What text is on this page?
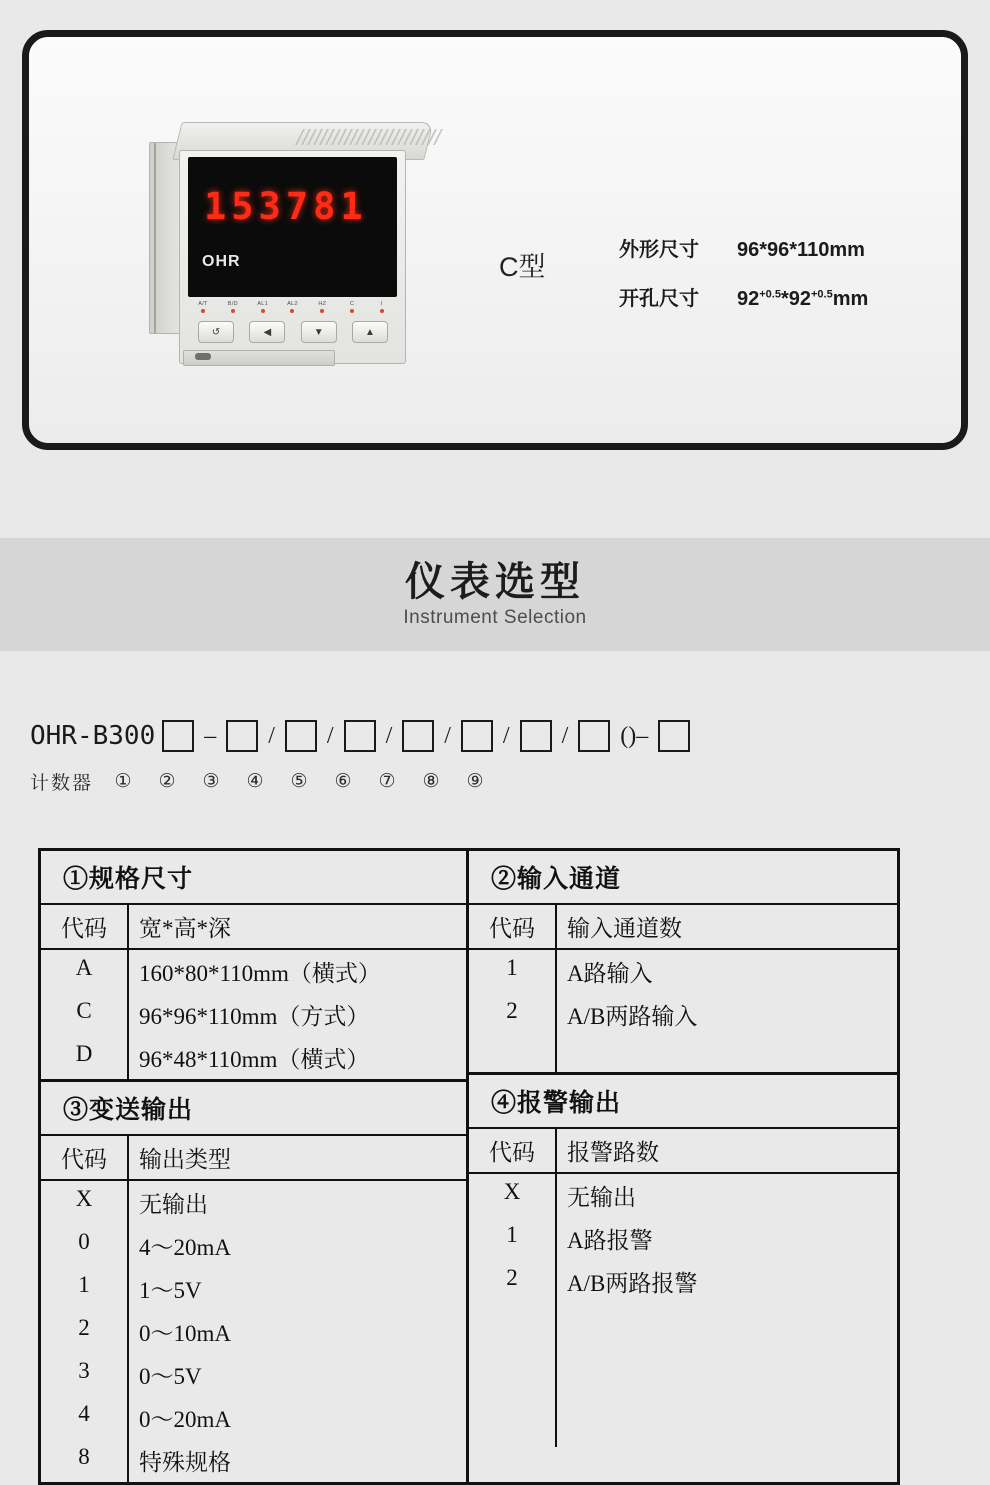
153781
OHR
A/T	B/D	AL1	AL2	HZ	C	I
↺	◀	▼	▲
C型
外形尺寸	96*96*110mm
开孔尺寸	$92^{+0.5}*92^{+0.5}mm$

仪表选型

Instrument Selection

OHR-B300 – / / / / / / ()–
计数器	①	②	③	④	⑤	⑥	⑦	⑧	⑨
①规格尺寸
代码	宽*高*深
A	160*80*110mm（横式）
C	96*96*110mm（方式）
D	96*48*110mm（横式）
③变送输出
代码	输出类型
X	无输出
0	4～20mA
1	1～5V
2	0～10mA
3	0～5V
4	0～20mA
8	特殊规格
②输入通道
代码	输入通道数
1	A路输入
2	A/B两路输入

④报警输出
代码	报警路数
X	无输出
1	A路报警
2	A/B两路报警
